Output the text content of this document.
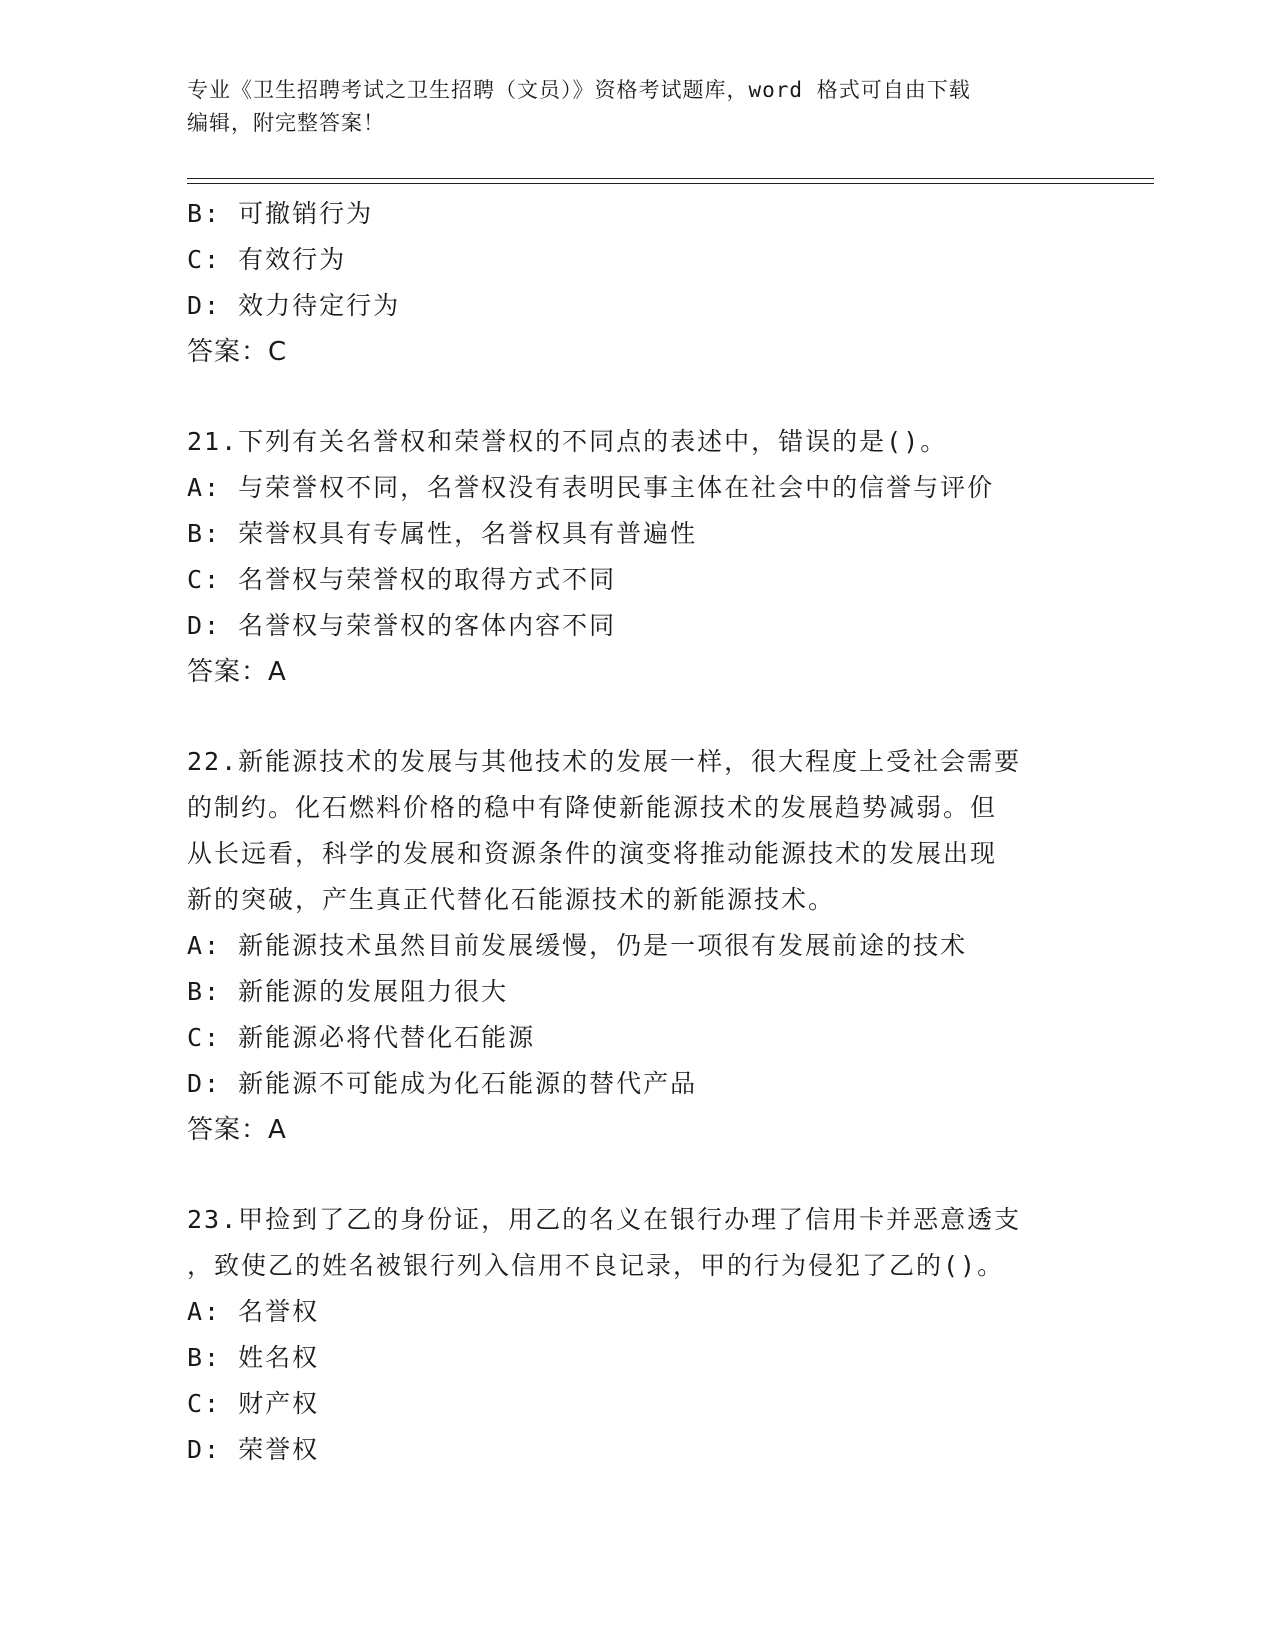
专业《卫生招聘考试之卫生招聘（文员）》资格考试题库，word 格式可自由下载
编辑，附完整答案！
B: 可撤销行为
C: 有效行为
D: 效力待定行为
答案：C
21.下列有关名誉权和荣誉权的不同点的表述中，错误的是()。
A: 与荣誉权不同，名誉权没有表明民事主体在社会中的信誉与评价
B: 荣誉权具有专属性，名誉权具有普遍性
C: 名誉权与荣誉权的取得方式不同
D: 名誉权与荣誉权的客体内容不同
答案：A
22.新能源技术的发展与其他技术的发展一样，很大程度上受社会需要
的制约。化石燃料价格的稳中有降使新能源技术的发展趋势减弱。但
从长远看，科学的发展和资源条件的演变将推动能源技术的发展出现
新的突破，产生真正代替化石能源技术的新能源技术。
A: 新能源技术虽然目前发展缓慢，仍是一项很有发展前途的技术
B: 新能源的发展阻力很大
C: 新能源必将代替化石能源
D: 新能源不可能成为化石能源的替代产品
答案：A
23.甲捡到了乙的身份证，用乙的名义在银行办理了信用卡并恶意透支
，致使乙的姓名被银行列入信用不良记录，甲的行为侵犯了乙的()。
A: 名誉权
B: 姓名权
C: 财产权
D: 荣誉权
